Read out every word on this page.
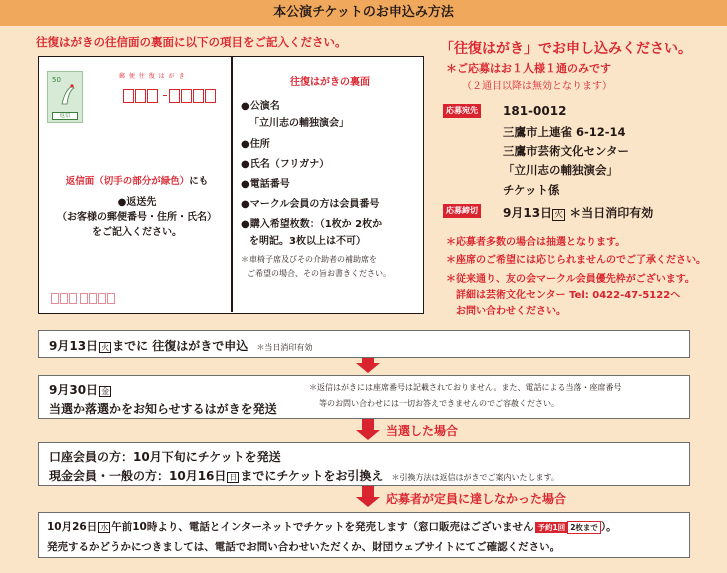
本公演チケットのお申込み方法
往復はがきの往信面の裏面に以下の項目をご記入ください。
50
返信
郵 便 往 復 は が き
返信面（切手の部分が緑色）にも
●返送先
（お客様の郵便番号・住所・氏名）
をご記入ください。
往復はがきの裏面
●公演名
「立川志の輔独演会」
●住所
●氏名（フリガナ）
●電話番号
●マークル会員の方は会員番号
●購入希望枚数：（1枚か 2枚か
を明記。3枚以上は不可）
＊車椅子席及びその介助者の補助席を
ご希望の場合、その旨お書きください。
「往復はがき」でお申し込みください。
＊ご応募はお１人様１通のみです
（２通目以降は無効となります）
応募宛先 181-0012
三鷹市上連雀 6-12-14
三鷹市芸術文化センター
「立川志の輔独演会」
チケット係
応募締切 9月13日 火 ＊当日消印有効
＊応募者多数の場合は抽選となります。
＊座席のご希望には応じられませんのでご了承ください。
＊従来通り、友の会マークル会員優先枠がございます。
詳細は芸術文化センター Tel: 0422-47-5122へ
お問い合わせください。
9月13日 火 までに 往復はがきで申込 ＊当日消印有効
9月30日 金
当選か落選かをお知らせするはがきを発送
＊返信はがきには座席番号は記載されておりません。また、電話による当落・座席番号
等のお問い合わせには一切お答えできませんのでご容赦ください。
当選した場合
口座会員の方：10月下旬にチケットを発送
現金会員・一般の方：10月16日 日 までにチケットをお引換え ＊引換方法は返信はがきでご案内いたします。
応募者が定員に達しなかった場合
10月26日 水 午前10時より、電話とインターネットでチケットを発売します（窓口販売はございません 予約1回 2枚まで ）。
発売するかどうかにつきましては、電話でお問い合わせいただくか、財団ウェブサイトにてご確認ください。
